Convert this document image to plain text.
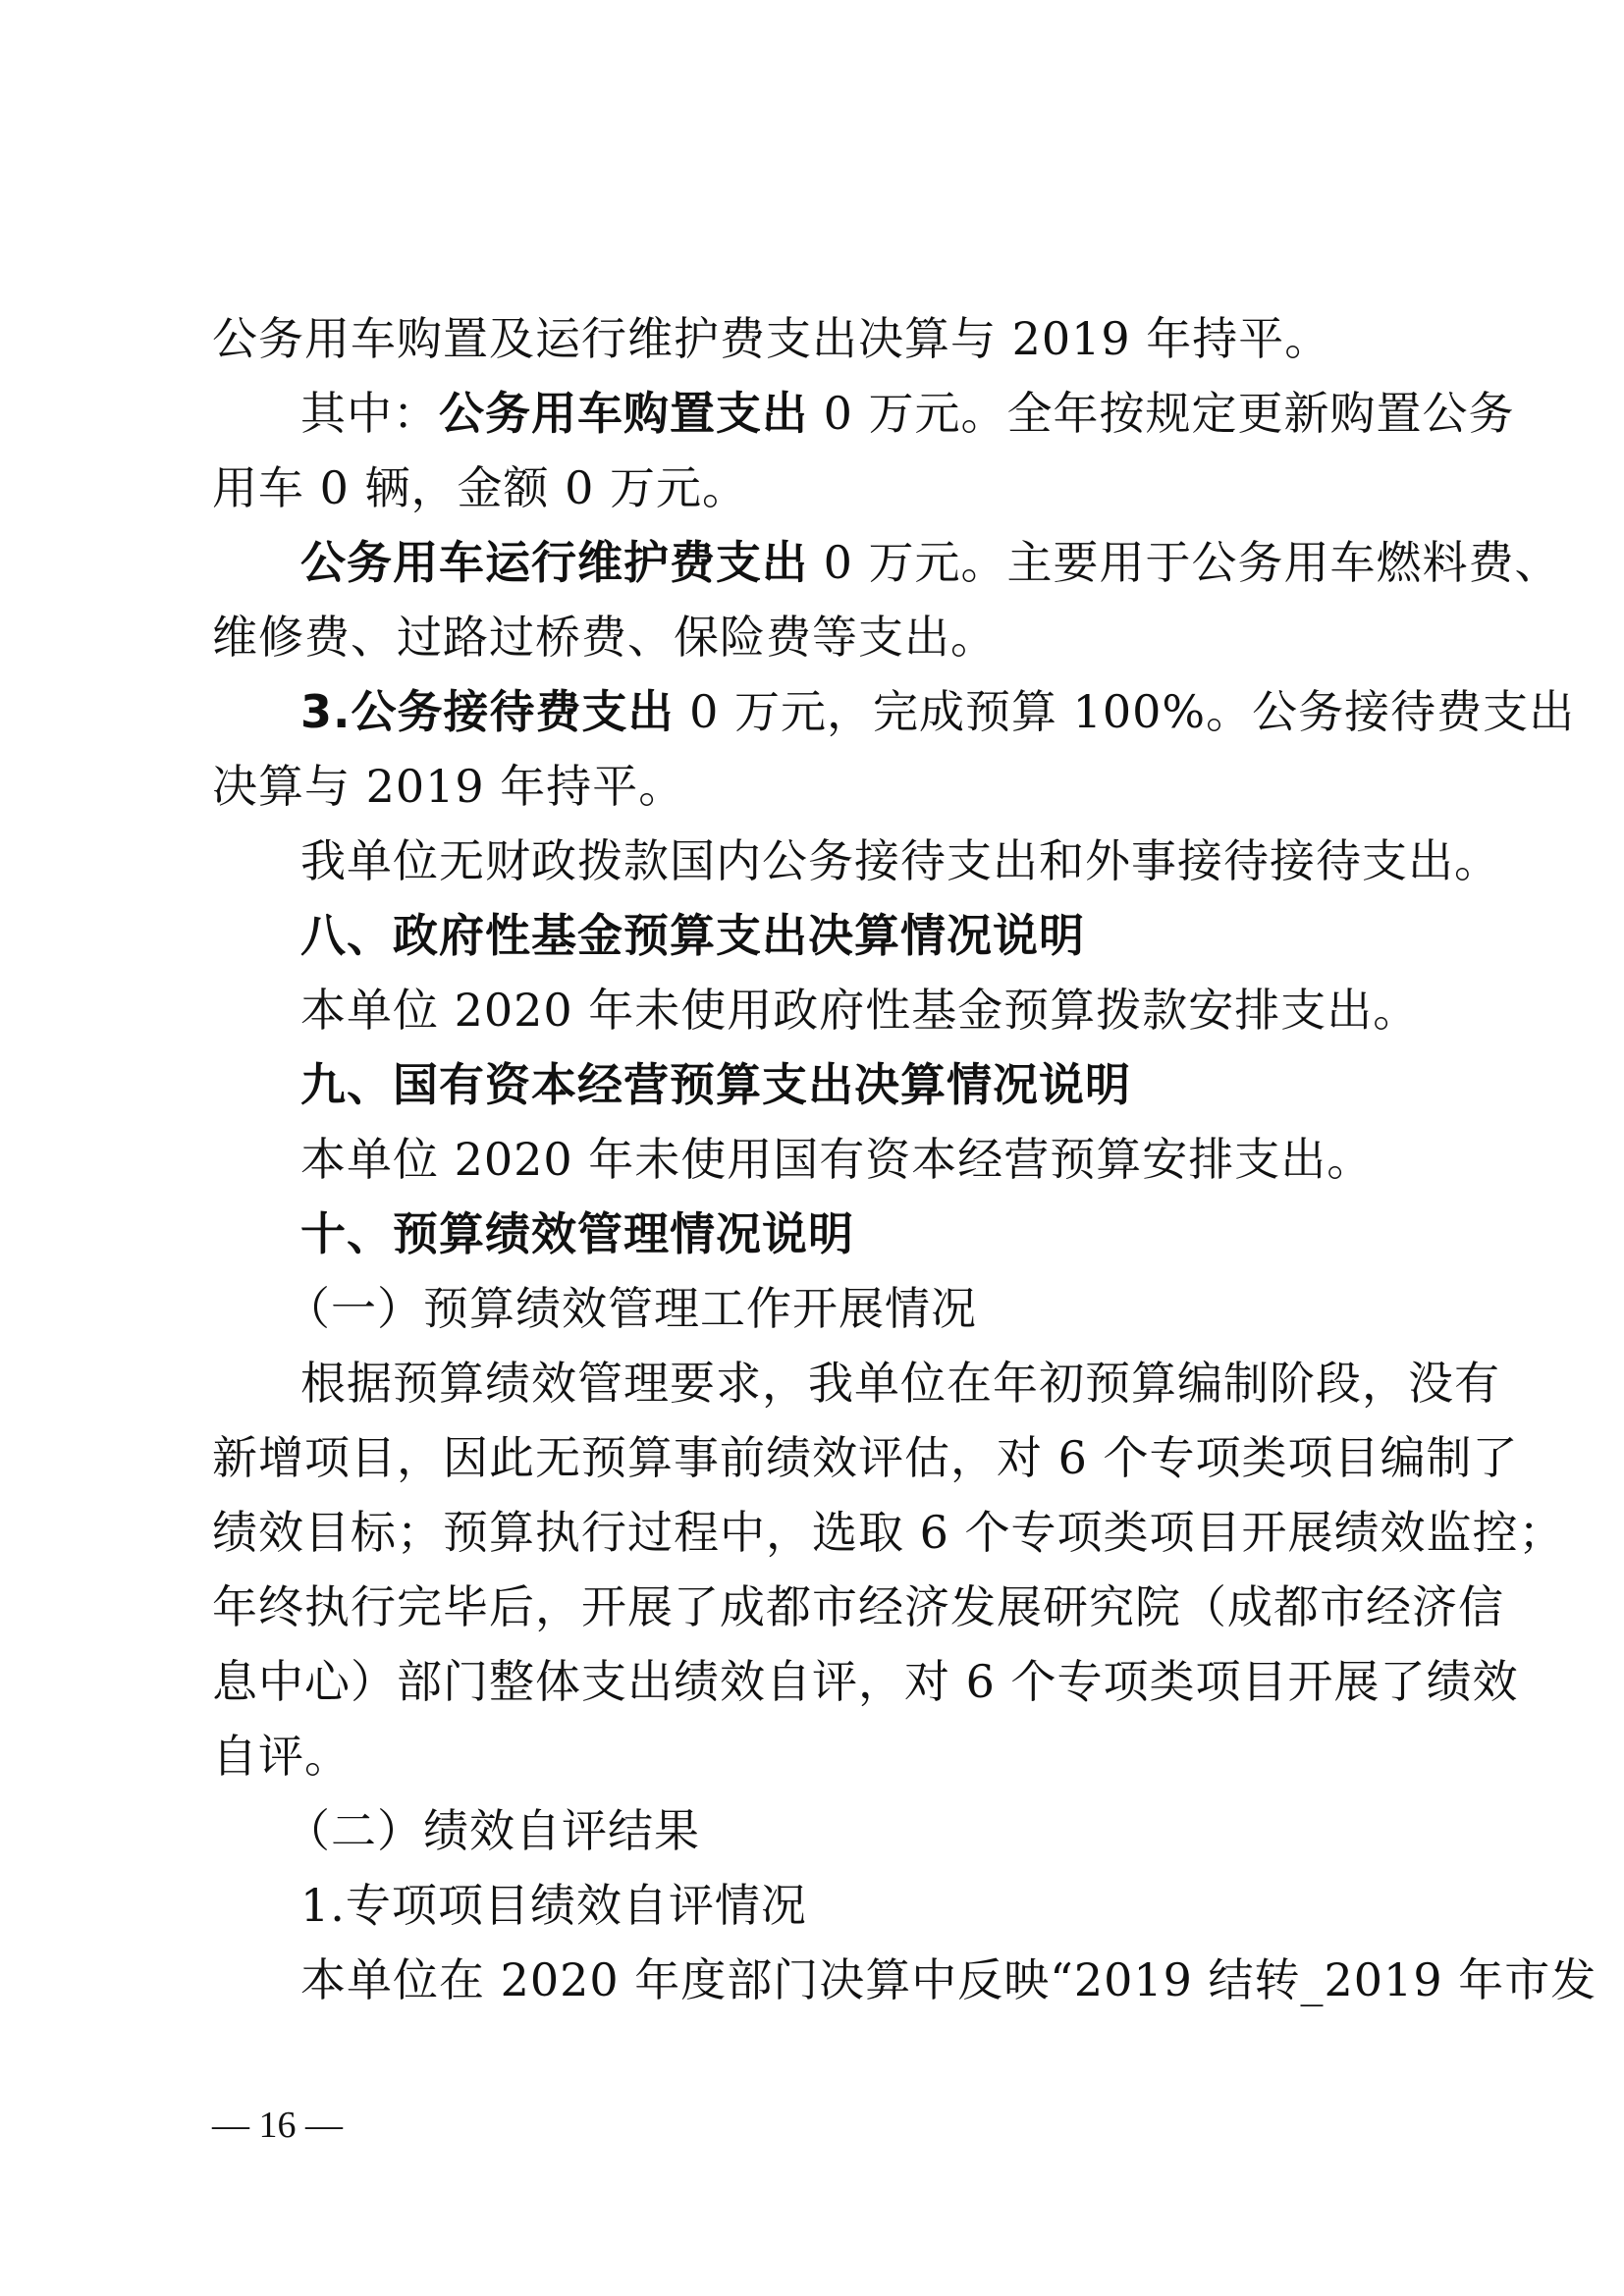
公务用车购置及运行维护费支出决算与 2019 年持平。
其中：公务用车购置支出 0 万元。全年按规定更新购置公务
用车 0 辆，金额 0 万元。
公务用车运行维护费支出 0 万元。主要用于公务用车燃料费、
维修费、过路过桥费、保险费等支出。
3.公务接待费支出 0 万元，完成预算 100%。公务接待费支出
决算与 2019 年持平。
我单位无财政拨款国内公务接待支出和外事接待接待支出。
八、政府性基金预算支出决算情况说明
本单位 2020 年未使用政府性基金预算拨款安排支出。
九、国有资本经营预算支出决算情况说明
本单位 2020 年未使用国有资本经营预算安排支出。
十、预算绩效管理情况说明
（一）预算绩效管理工作开展情况
根据预算绩效管理要求，我单位在年初预算编制阶段，没有
新增项目，因此无预算事前绩效评估，对 6 个专项类项目编制了
绩效目标；预算执行过程中，选取 6 个专项类项目开展绩效监控；
年终执行完毕后，开展了成都市经济发展研究院（成都市经济信
息中心）部门整体支出绩效自评，对 6 个专项类项目开展了绩效
自评。
（二）绩效自评结果
1.专项项目绩效自评情况
本单位在 2020 年度部门决算中反映“2019 结转_2019 年市发
— 16 —
